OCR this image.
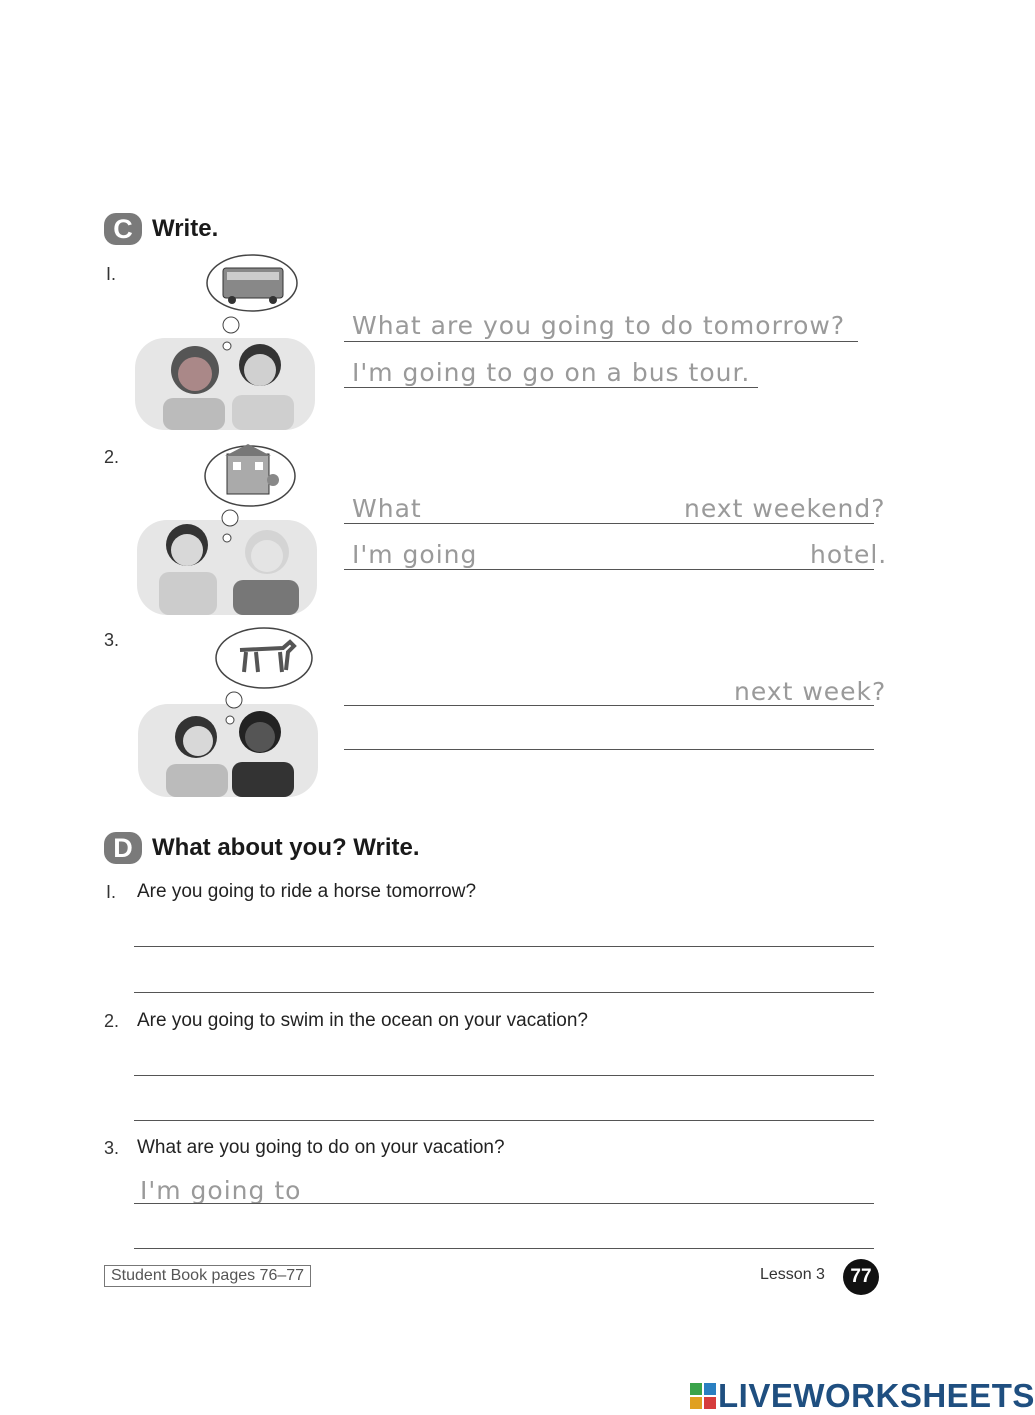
C Write.
I.
What are you going to do tomorrow?
I'm going to go on a bus tour.
2.
What	next weekend?
I'm going	hotel.
3.
next week?
D What about you? Write.
I. Are you going to ride a horse tomorrow?
2. Are you going to swim in the ocean on your vacation?
3. What are you going to do on your vacation?
I'm going to
Student Book pages 76–77	Lesson 3	77
LIVEWORKSHEETS
